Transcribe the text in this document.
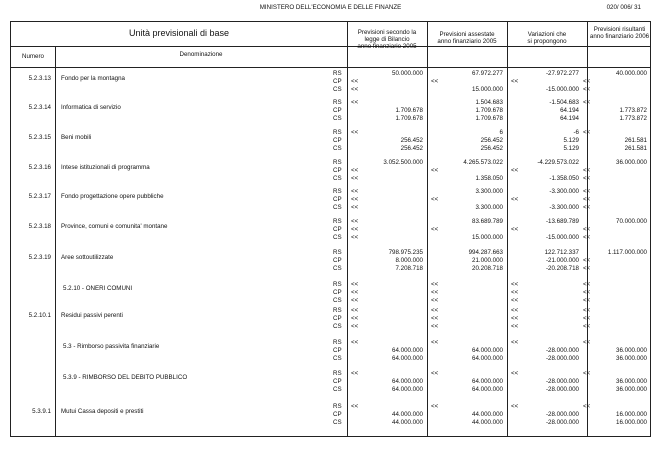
MINISTERO DELL'ECONOMIA E DELLE FINANZE	020/ 006/ 31
Unità previsionali di base
Numero	Denominazione
Previsioni secondo la
legge di Bilancio
anno finanziario 2005
Previsioni assestate
anno finanziario 2005
Variazioni che
si propongono
5.2.3.13 Fondo per la montagna
RS
CP
CS
50.000.000
<<
<<
67.972.277
<<
15.000.000
-27.972.277
<<
-15.000.000
40.000.000
<<
<<
5.2.3.14 Informatica di servizio
RS
CP
CS
<<
1.709.678
1.709.678
1.504.683
1.709.678
1.709.678
-1.504.683
64.194
64.194
<<
1.773.872
1.773.872
5.2.3.15 Beni mobili
RS
CP
CS
<<
256.452
256.452
6
256.452
256.452
-6
5.129
5.129
<<
261.581
261.581
5.2.3.16 Intese istituzionali di programma
RS
CP
CS
3.052.500.000
<<
<<
4.265.573.022
<<
1.358.050
-4.229.573.022
<<
-1.358.050
36.000.000
<<
<<
5.2.3.17 Fondo progettazione opere pubbliche
RS
CP
CS
<<
<<
<<
3.300.000
<<
3.300.000
-3.300.000
<<
-3.300.000
<<
<<
<<
5.2.3.18 Province, comuni e comunita' montane
RS
CP
CS
<<
<<
<<
83.689.789
<<
15.000.000
-13.689.789
<<
-15.000.000
70.000.000
<<
<<
5.2.3.19 Aree sottoutilizzate
RS
CP
CS
798.975.235
8.000.000
7.208.718
994.287.663
21.000.000
20.208.718
122.712.337
-21.000.000
-20.208.718
1.117.000.000
<<
<<
5.2.10 - ONERI COMUNI
RS
CP
CS
<<
<<
<<
<<
<<
<<
<<
<<
<<
<<
<<
<<
5.2.10.1 Residui passivi perenti
RS
CP
CS
<<
<<
<<
<<
<<
<<
<<
<<
<<
<<
<<
<<
5.3 - Rimborso passivita finanziarie
RS
CP
CS
<<
64.000.000
64.000.000
<<
64.000.000
64.000.000
<<
-28.000.000
-28.000.000
<<
36.000.000
36.000.000
5.3.9 - RIMBORSO DEL DEBITO PUBBLICO
RS
CP
CS
<<
64.000.000
64.000.000
<<
64.000.000
64.000.000
<<
-28.000.000
-28.000.000
<<
36.000.000
36.000.000
5.3.9.1 Mutui Cassa depositi e prestiti
RS
CP
CS
<<
44.000.000
44.000.000
<<
44.000.000
44.000.000
<<
-28.000.000
-28.000.000
<<
16.000.000
16.000.000
Previsioni risultanti
anno finanziario 2006
